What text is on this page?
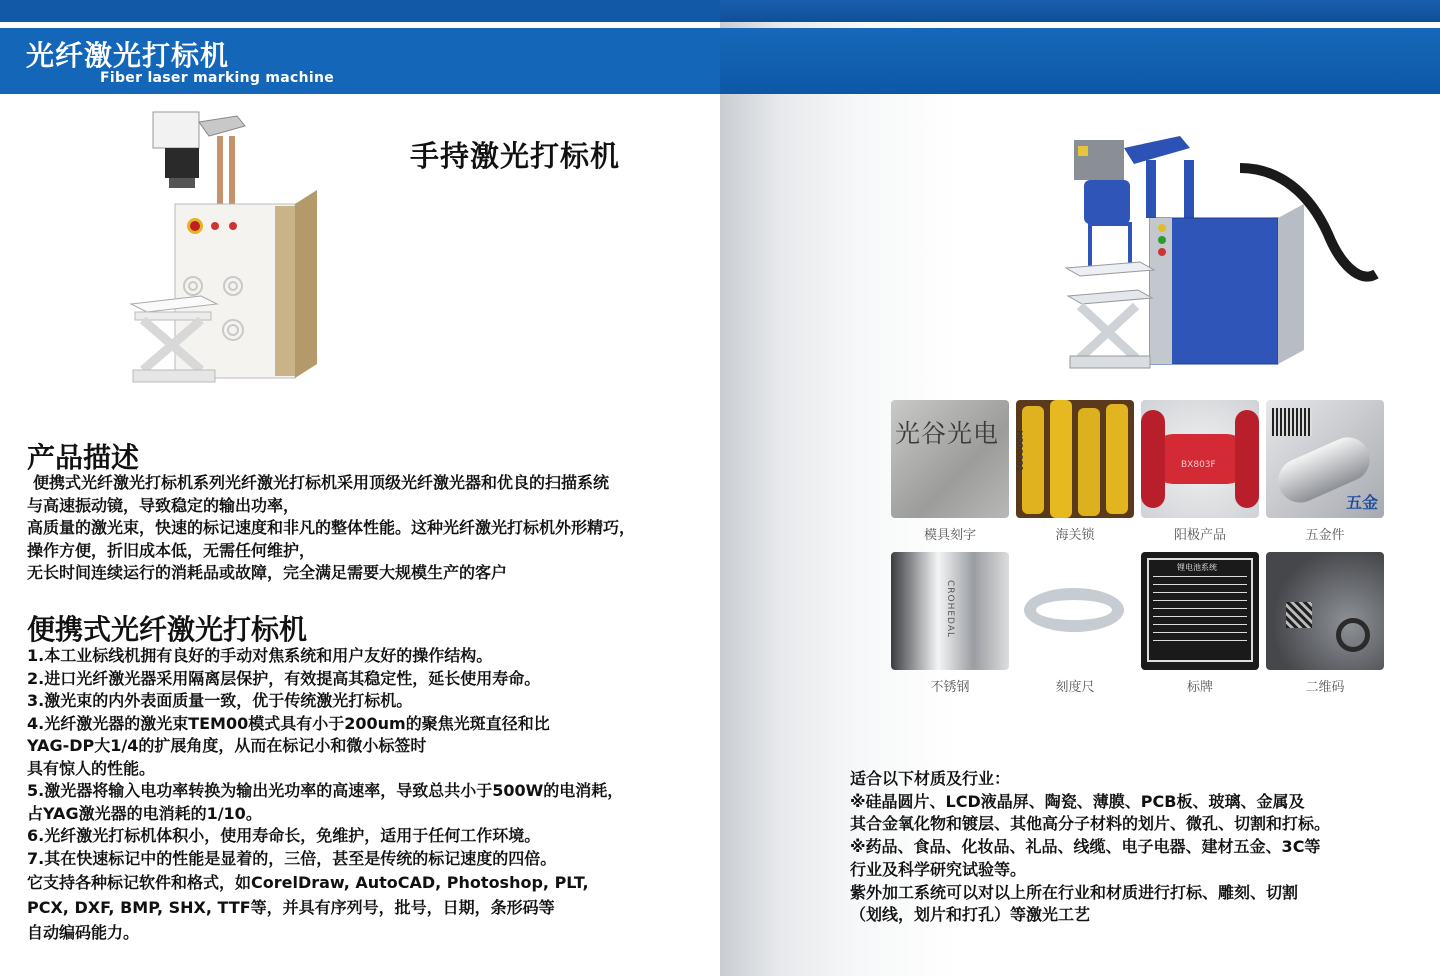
光纤激光打标机
Fiber laser marking machine
手持激光打标机
产品描述
便携式光纤激光打标机系列光纤激光打标机采用顶级光纤激光器和优良的扫描系统
与高速振动镜，导致稳定的输出功率，
高质量的激光束，快速的标记速度和非凡的整体性能。这种光纤激光打标机外形精巧，
操作方便，折旧成本低，无需任何维护，
无长时间连续运行的消耗品或故障，完全满足需要大规模生产的客户
便携式光纤激光打标机
1.本工业标线机拥有良好的手动对焦系统和用户友好的操作结构。
2.进口光纤激光器采用隔离层保护，有效提高其稳定性，延长使用寿命。
3.激光束的内外表面质量一致，优于传统激光打标机。
4.光纤激光器的激光束TEM00模式具有小于200um的聚焦光斑直径和比
YAG-DP大1/4的扩展角度，从而在标记小和微小标签时
具有惊人的性能。
5.激光器将输入电功率转换为输出光功率的高速率，导致总共小于500W的电消耗，
占YAG激光器的电消耗的1/10。
6.光纤激光打标机体积小，使用寿命长，免维护，适用于任何工作环境。
7.其在快速标记中的性能是显着的，三倍，甚至是传统的标记速度的四倍。
它支持各种标记软件和格式，如CorelDraw, AutoCAD, Photoshop, PLT,
PCX, DXF, BMP, SHX, TTF等，并具有序列号，批号，日期，条形码等
自动编码能力。
光谷光电
模具刻字
H000001
海关锁
BX803F
阳极产品
五金
五金件
CROHEDAL
不锈钢	刻度尺
锂电池系统
标牌	二维码
适合以下材质及行业：
※硅晶圆片、LCD液晶屏、陶瓷、薄膜、PCB板、玻璃、金属及
其合金氧化物和镀层、其他高分子材料的划片、微孔、切割和打标。
※药品、食品、化妆品、礼品、线缆、电子电器、建材五金、3C等
行业及科学研究试验等。
紫外加工系统可以对以上所在行业和材质进行打标、雕刻、切割
（划线，划片和打孔）等激光工艺
